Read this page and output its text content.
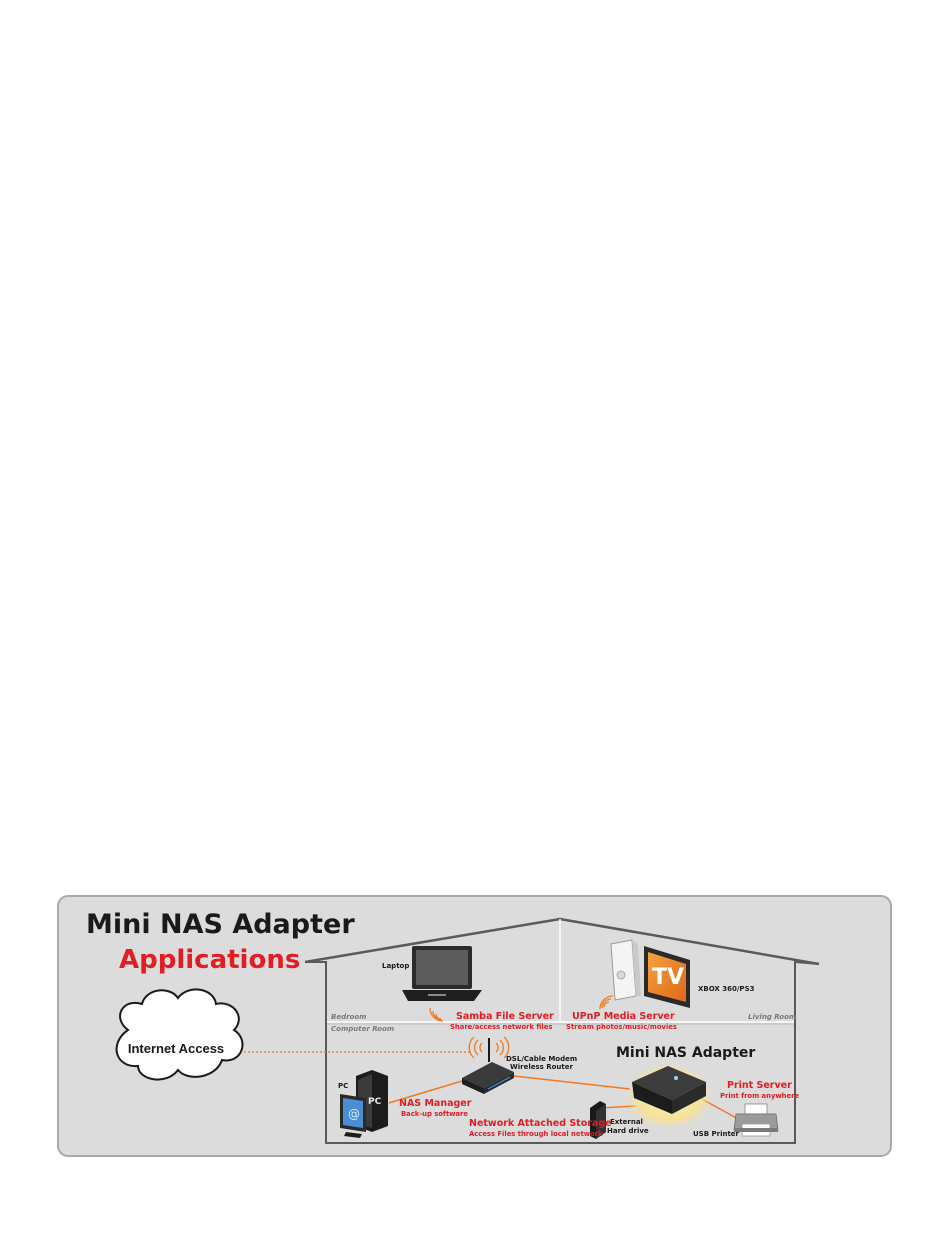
Mini NAS Adapter
Applications
Bedroom
Computer Room
Living Room
Internet Access
Laptop
Samba File Server
Share/access network files
TV XBOX 360/PS3
UPnP Media Server
Stream photos/music/movies
DSL/Cable Modem
Wireless Router
Mini NAS Adapter
Print Server
Print from anywhere
USB Printer
External
Hard drive
Network Attached Storage
Access Files through local network
PC
@
PC
NAS Manager
Back-up software
